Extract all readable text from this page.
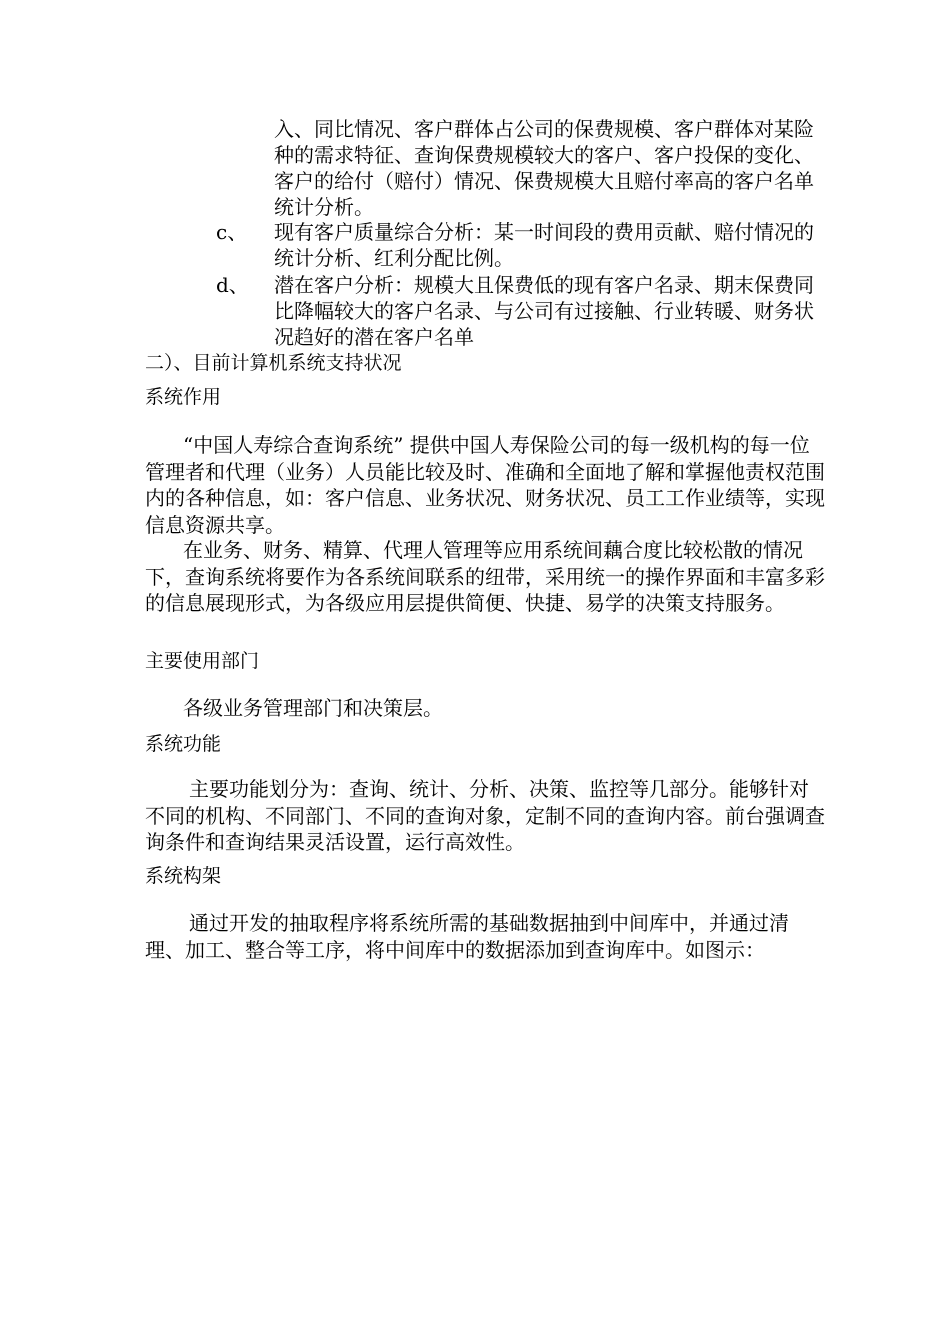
入、同比情况、客户群体占公司的保费规模、客户群体对某险种的需求特征、查询保费规模较大的客户、客户投保的变化、客户的给付（赔付）情况、保费规模大且赔付率高的客户名单统计分析。
c、	现有客户质量综合分析：某一时间段的费用贡献、赔付情况的统计分析、红利分配比例。
d、	潜在客户分析：规模大且保费低的现有客户名录、期末保费同比降幅较大的客户名录、与公司有过接触、行业转暖、财务状况趋好的潜在客户名单
二）、目前计算机系统支持状况
系统作用

“中国人寿综合查询系统” 提供中国人寿保险公司的每一级机构的每一位管理者和代理（业务）人员能比较及时、准确和全面地了解和掌握他责权范围内的各种信息，如：客户信息、业务状况、财务状况、员工工作业绩等，实现信息资源共享。

在业务、财务、精算、代理人管理等应用系统间藕合度比较松散的情况下，查询系统将要作为各系统间联系的纽带，采用统一的操作界面和丰富多彩的信息展现形式，为各级应用层提供简便、快捷、易学的决策支持服务。

主要使用部门

各级业务管理部门和决策层。

系统功能

主要功能划分为：查询、统计、分析、决策、监控等几部分。能够针对不同的机构、不同部门、不同的查询对象，定制不同的查询内容。前台强调查询条件和查询结果灵活设置，运行高效性。

系统构架

通过开发的抽取程序将系统所需的基础数据抽到中间库中，并通过清理、加工、整合等工序，将中间库中的数据添加到查询库中。如图示：
